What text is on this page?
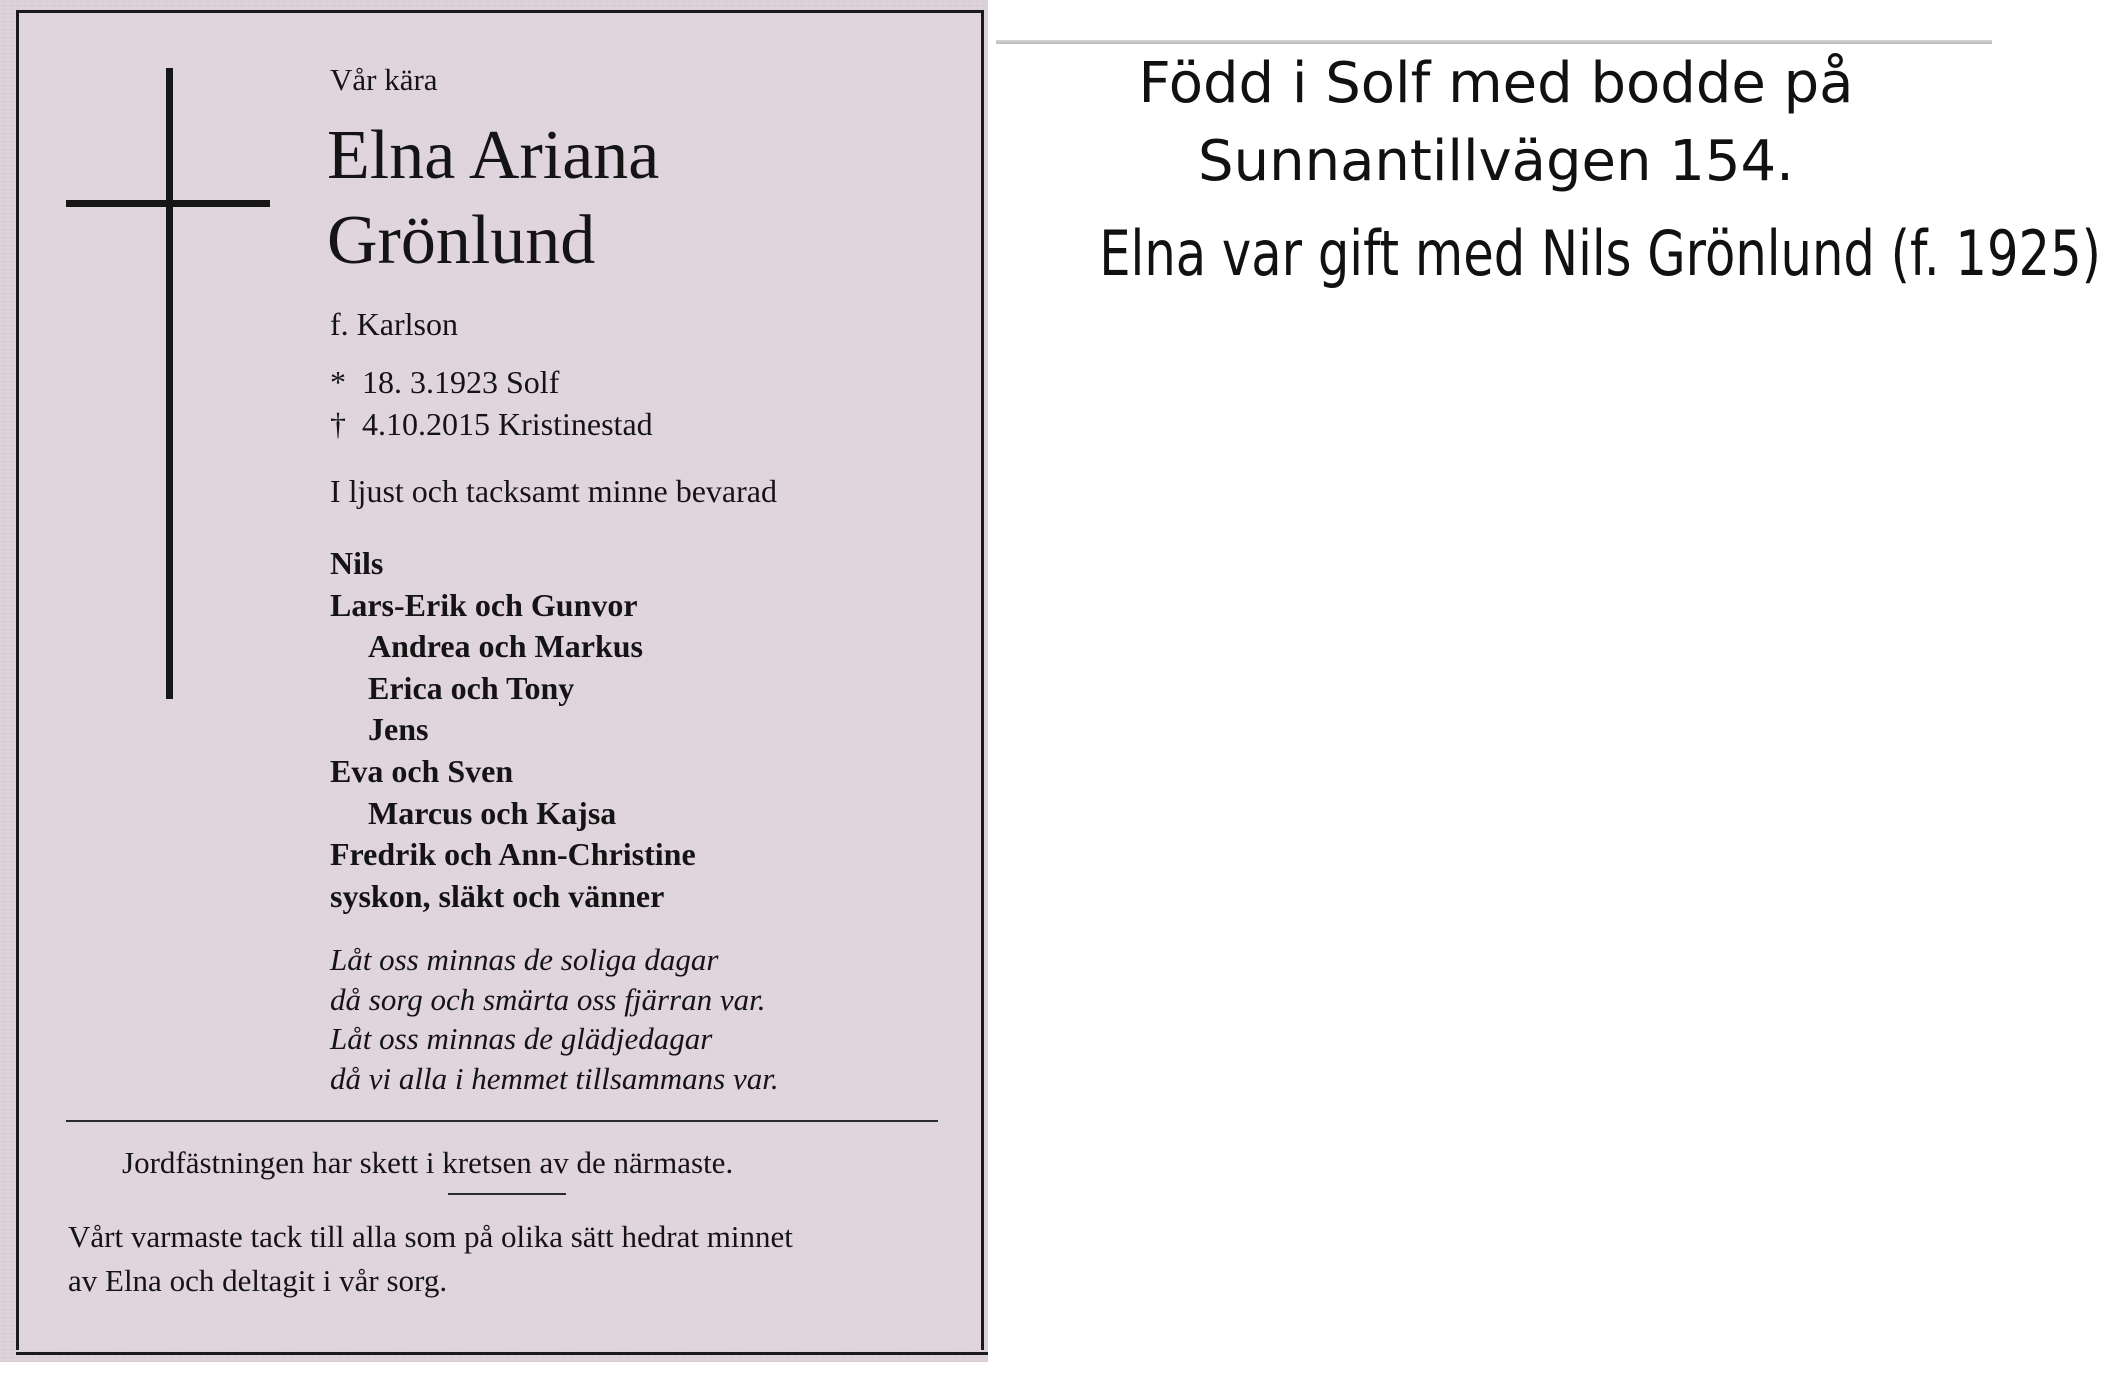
Vår kära

Elna Ariana

Grönlund

f. Karlson

* 18. 3.1923 Solf

† 4.10.2015 Kristinestad

I ljust och tacksamt minne bevarad

Nils
Lars-Erik och Gunvor
Andrea och Markus
Erica och Tony
Jens
Eva och Sven
Marcus och Kajsa
Fredrik och Ann-Christine
syskon, släkt och vänner
Låt oss minnas de soliga dagar
då sorg och smärta oss fjärran var.
Låt oss minnas de glädjedagar
då vi alla i hemmet tillsammans var.

Jordfästningen har skett i kretsen av de närmaste.

Vårt varmaste tack till alla som på olika sätt hedrat minnet

av Elna och deltagit i vår sorg.

Född i Solf med bodde på

Sunnantillvägen 154.

Elna var gift med Nils Grönlund (f. 1925)
